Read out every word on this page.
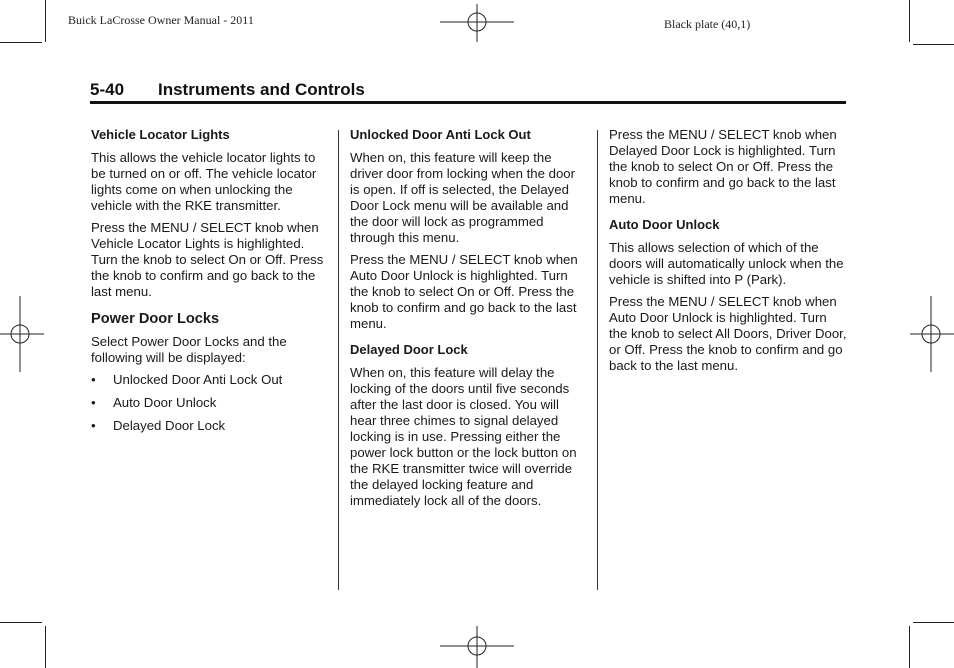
Buick LaCrosse Owner Manual - 2011	Black plate (40,1)
5-40 Instruments and Controls
Vehicle Locator Lights

This allows the vehicle locator lights to be turned on or off. The vehicle locator lights come on when unlocking the vehicle with the RKE transmitter.

Press the MENU / SELECT knob when Vehicle Locator Lights is highlighted. Turn the knob to select On or Off. Press the knob to confirm and go back to the last menu.

Power Door Locks

Select Power Door Locks and the following will be displayed:

• Unlocked Door Anti Lock Out
• Auto Door Unlock
• Delayed Door Lock
Unlocked Door Anti Lock Out

When on, this feature will keep the driver door from locking when the door is open. If off is selected, the Delayed Door Lock menu will be available and the door will lock as programmed through this menu.

Press the MENU / SELECT knob when Auto Door Unlock is highlighted. Turn the knob to select On or Off. Press the knob to confirm and go back to the last menu.

Delayed Door Lock

When on, this feature will delay the locking of the doors until five seconds after the last door is closed. You will hear three chimes to signal delayed locking is in use. Pressing either the power lock button or the lock button on the RKE transmitter twice will override the delayed locking feature and immediately lock all of the doors.

Press the MENU / SELECT knob when Delayed Door Lock is highlighted. Turn the knob to select On or Off. Press the knob to confirm and go back to the last menu.

Auto Door Unlock

This allows selection of which of the doors will automatically unlock when the vehicle is shifted into P (Park).

Press the MENU / SELECT knob when Auto Door Unlock is highlighted. Turn the knob to select All Doors, Driver Door, or Off. Press the knob to confirm and go back to the last menu.
